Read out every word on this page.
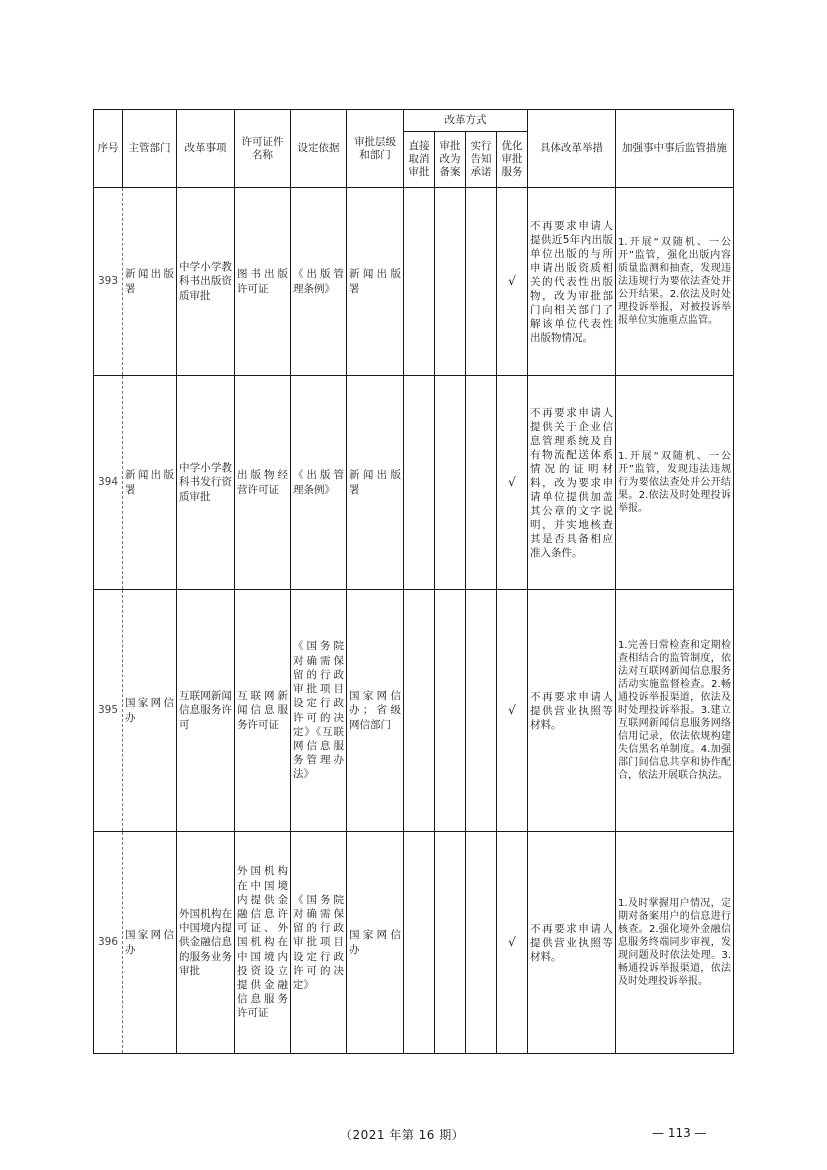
序号	主管部门	改革事项	许可证件名称	设定依据	审批层级和部门	改革方式				具体改革举措	加强事中事后监管措施
						直接取消审批	审批改为备案	实行告知承诺	优化审批服务		
393	新闻出版署	中学小学教科书出版资质审批	图书出版许可证	《出版管理条例》	新闻出版署				√	不再要求申请人提供近5年内出版单位出版的与所申请出版资质相关的代表性出版物，改为审批部门向相关部门了解该单位代表性出版物情况。	1.开展“双随机、一公开”监管，强化出版内容质量监测和抽查，发现违法违规行为要依法查处并公开结果。2.依法及时处理投诉举报，对被投诉举报单位实施重点监管。
394	新闻出版署	中学小学教科书发行资质审批	出版物经营许可证	《出版管理条例》	新闻出版署				√	不再要求申请人提供关于企业信息管理系统及自有物流配送体系情况的证明材料，改为要求申请单位提供加盖其公章的文字说明，并实地核查其是否具备相应准入条件。	1.开展“双随机、一公开”监管，发现违法违规行为要依法查处并公开结果。2.依法及时处理投诉举报。
395	国家网信办	互联网新闻信息服务许可	互联网新闻信息服务许可证	《国务院对确需保留的行政审批项目设定行政许可的决定》《互联网信息服务管理办法》	国家网信办；省级网信部门				√	不再要求申请人提供营业执照等材料。	1.完善日常检查和定期检查相结合的监管制度，依法对互联网新闻信息服务活动实施监督检查。2.畅通投诉举报渠道，依法及时处理投诉举报。3.建立互联网新闻信息服务网络信用记录，依法依规构建失信黑名单制度。4.加强部门间信息共享和协作配合，依法开展联合执法。
396	国家网信办	外国机构在中国境内提供金融信息的服务业务审批	外国机构在中国境内提供金融信息许可证、外国机构在中国境内投资设立提供金融信息服务许可证	《国务院对确需保留的行政审批项目设定行政许可的决定》	国家网信办				√	不再要求申请人提供营业执照等材料。	1.及时掌握用户情况，定期对备案用户的信息进行核查。2.强化境外金融信息服务终端同步审视，发现问题及时依法处理。3.畅通投诉举报渠道，依法及时处理投诉举报。
（2021 年第 16 期）	— 113 —
